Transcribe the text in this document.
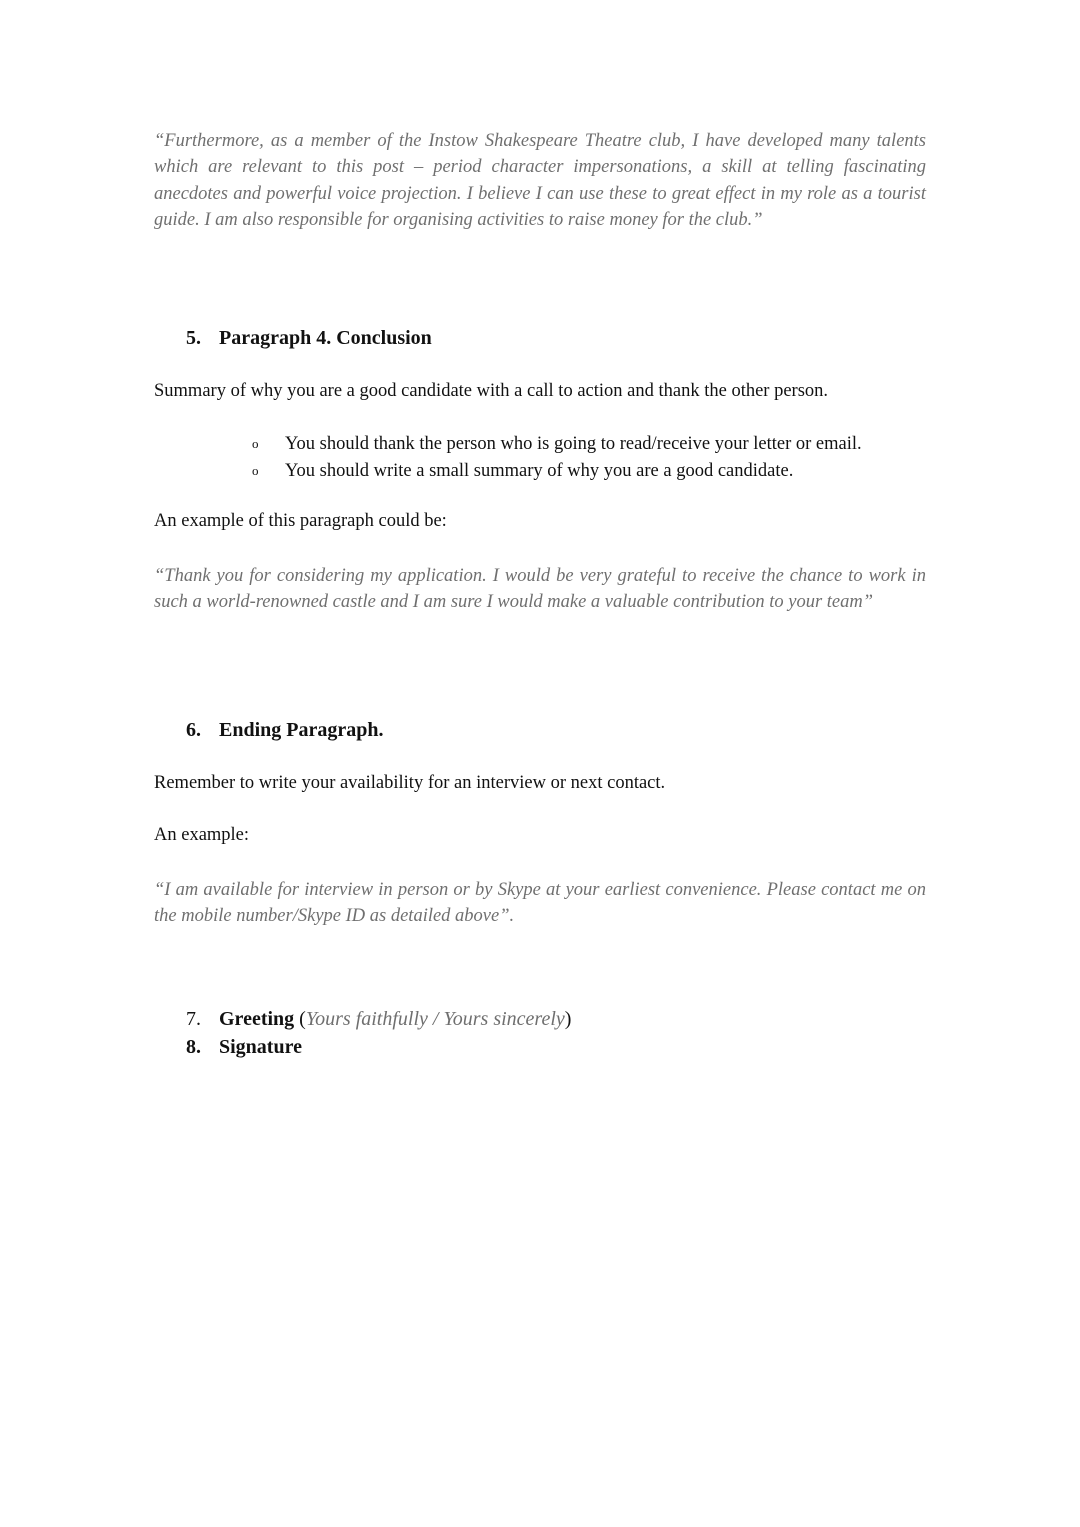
“Furthermore, as a member of the Instow Shakespeare Theatre club, I have developed many talents which are relevant to this post – period character impersonations, a skill at telling fascinating anecdotes and powerful voice projection. I believe I can use these to great effect in my role as a tourist guide. I am also responsible for organising activities to raise money for the club.”

5. Paragraph 4. Conclusion

Summary of why you are a good candidate with a call to action and thank the other person.

o You should thank the person who is going to read/receive your letter or email.
o You should write a small summary of why you are a good candidate.

An example of this paragraph could be:

“Thank you for considering my application. I would be very grateful to receive the chance to work in such a world-renowned castle and I am sure I would make a valuable contribution to your team”

6. Ending Paragraph.

Remember to write your availability for an interview or next contact.

An example:

“I am available for interview in person or by Skype at your earliest convenience. Please contact me on the mobile number/Skype ID as detailed above”.

7. Greeting (Yours faithfully / Yours sincerely)
8. Signature
